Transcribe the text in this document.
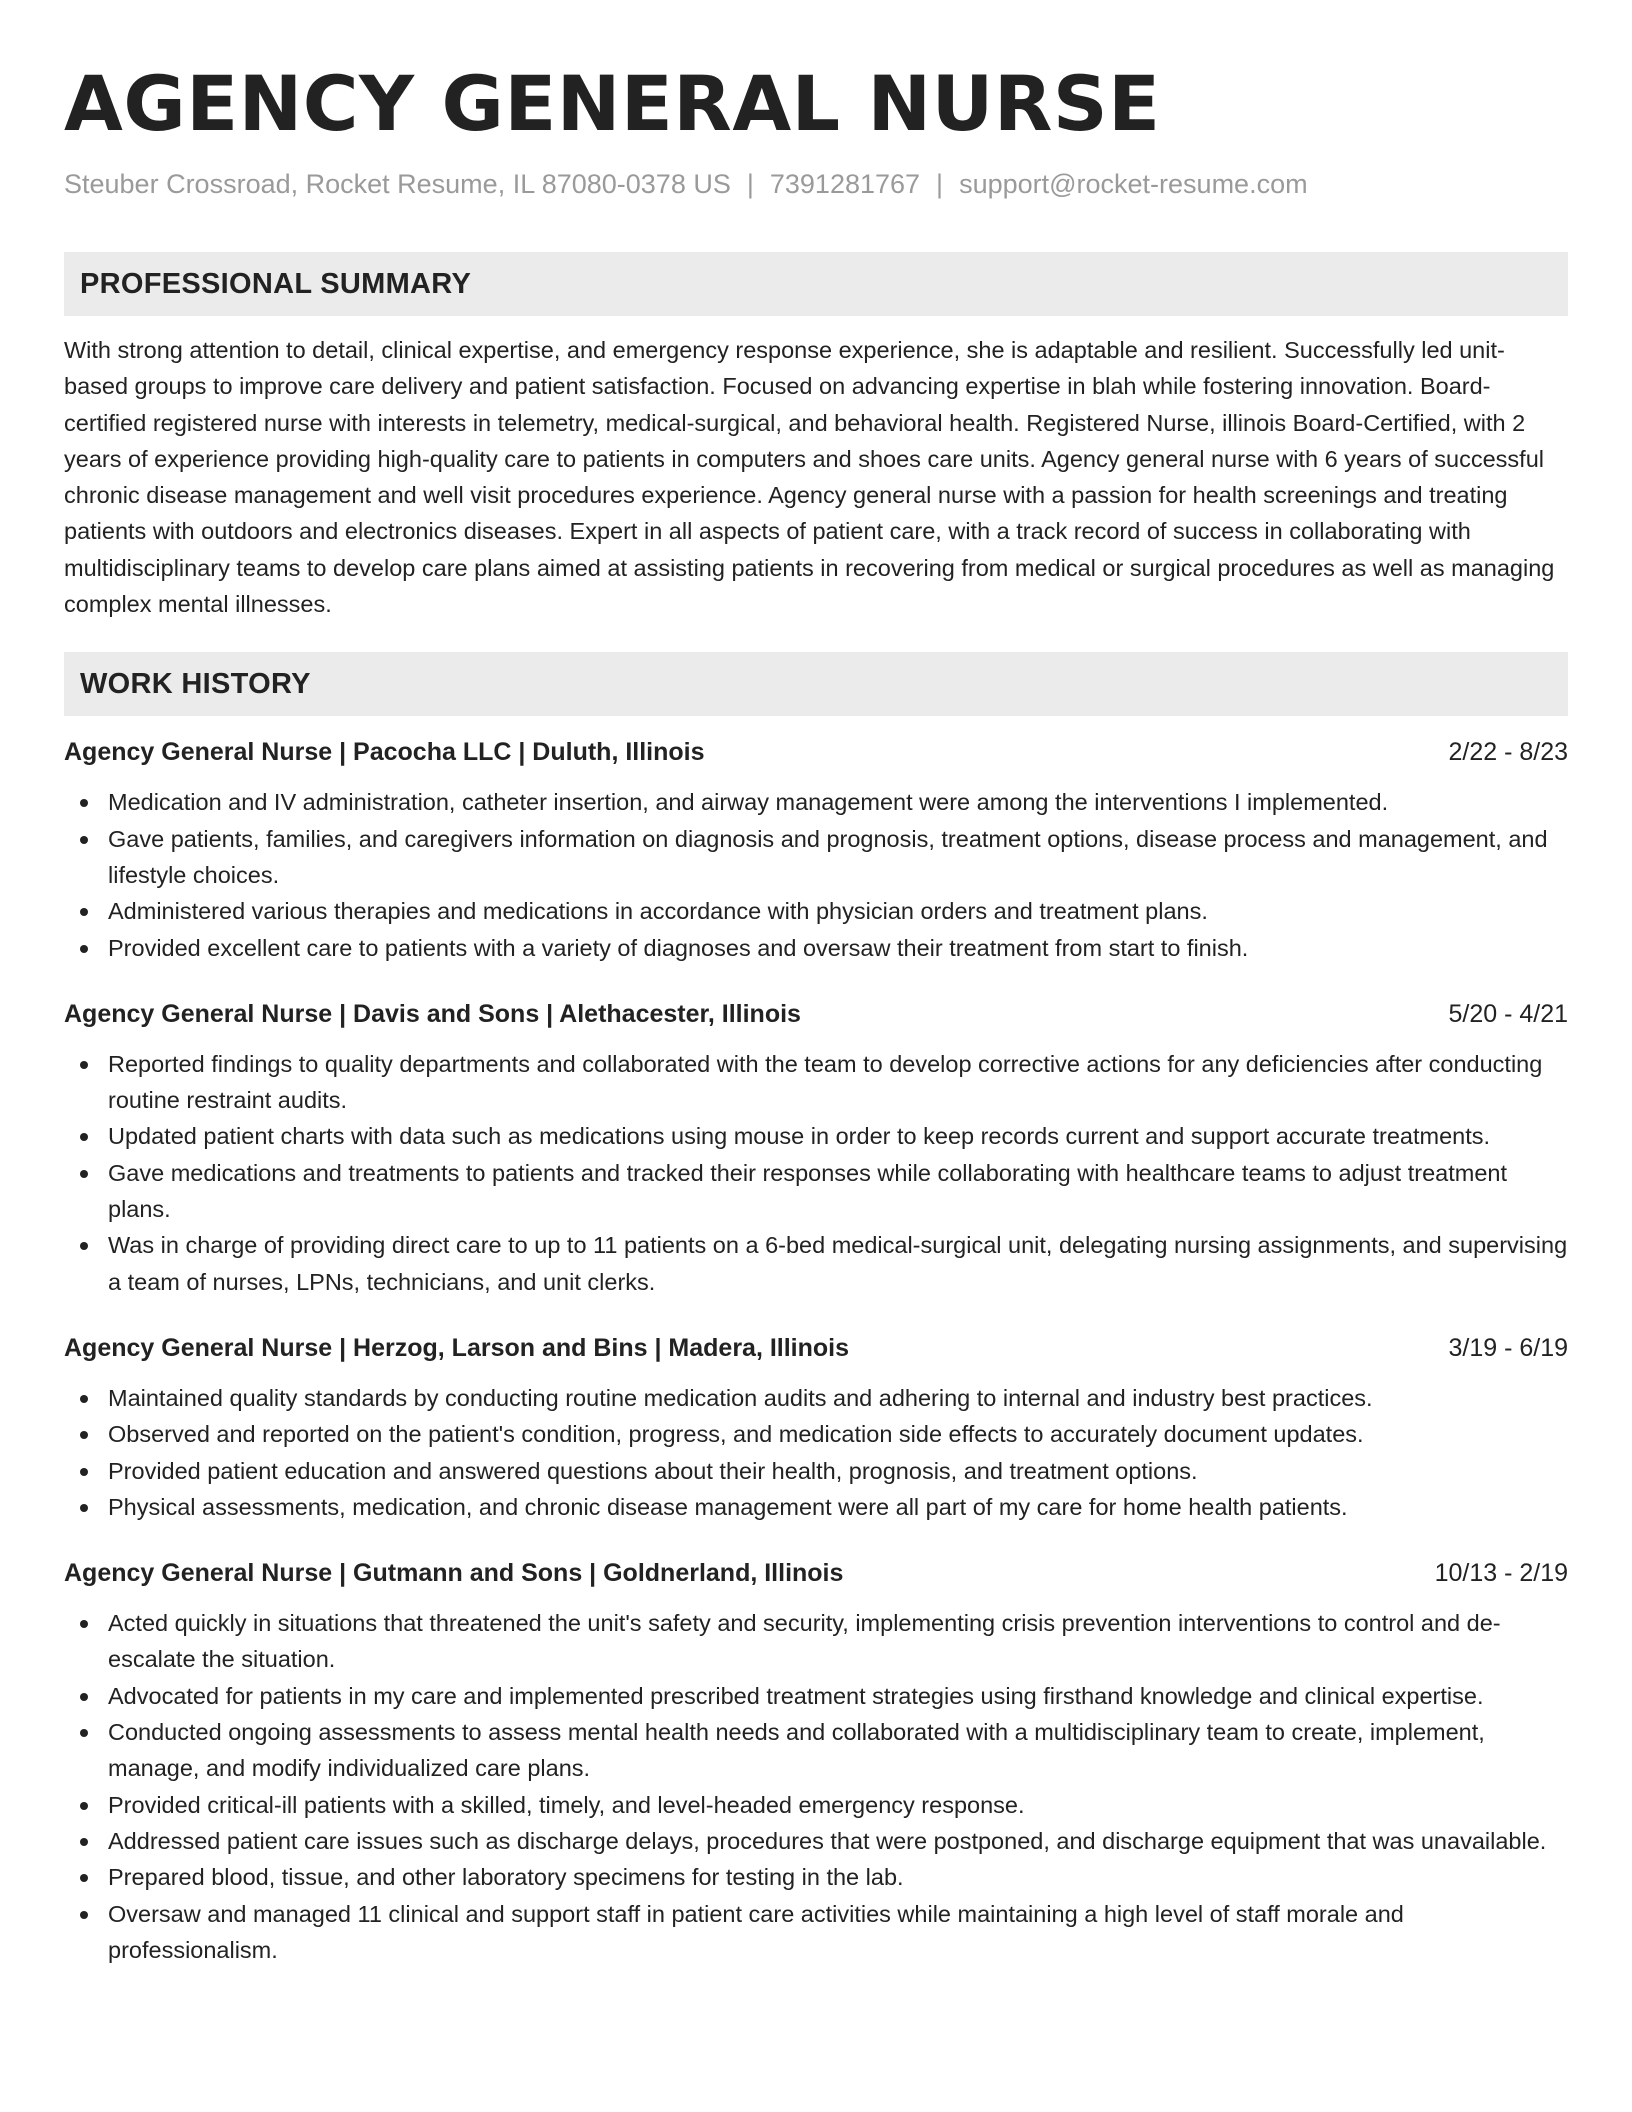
AGENCY GENERAL NURSE
Steuber Crossroad, Rocket Resume, IL 87080-0378 US | 7391281767 | support@rocket-resume.com
PROFESSIONAL SUMMARY

With strong attention to detail, clinical expertise, and emergency response experience, she is adaptable and resilient. Successfully led unit-based groups to improve care delivery and patient satisfaction. Focused on advancing expertise in blah while fostering innovation. Board-certified registered nurse with interests in telemetry, medical-surgical, and behavioral health. Registered Nurse, illinois Board-Certified, with 2 years of experience providing high-quality care to patients in computers and shoes care units. Agency general nurse with 6 years of successful chronic disease management and well visit procedures experience. Agency general nurse with a passion for health screenings and treating patients with outdoors and electronics diseases. Expert in all aspects of patient care, with a track record of success in collaborating with multidisciplinary teams to develop care plans aimed at assisting patients in recovering from medical or surgical procedures as well as managing complex mental illnesses.

WORK HISTORY
Agency General Nurse | Pacocha LLC | Duluth, Illinois	2/22 - 8/23
Medication and IV administration, catheter insertion, and airway management were among the interventions I implemented.
Gave patients, families, and caregivers information on diagnosis and prognosis, treatment options, disease process and management, and lifestyle choices.
Administered various therapies and medications in accordance with physician orders and treatment plans.
Provided excellent care to patients with a variety of diagnoses and oversaw their treatment from start to finish.
Agency General Nurse | Davis and Sons | Alethacester, Illinois	5/20 - 4/21
Reported findings to quality departments and collaborated with the team to develop corrective actions for any deficiencies after conducting routine restraint audits.
Updated patient charts with data such as medications using mouse in order to keep records current and support accurate treatments.
Gave medications and treatments to patients and tracked their responses while collaborating with healthcare teams to adjust treatment plans.
Was in charge of providing direct care to up to 11 patients on a 6-bed medical-surgical unit, delegating nursing assignments, and supervising a team of nurses, LPNs, technicians, and unit clerks.
Agency General Nurse | Herzog, Larson and Bins | Madera, Illinois	3/19 - 6/19
Maintained quality standards by conducting routine medication audits and adhering to internal and industry best practices.
Observed and reported on the patient's condition, progress, and medication side effects to accurately document updates.
Provided patient education and answered questions about their health, prognosis, and treatment options.
Physical assessments, medication, and chronic disease management were all part of my care for home health patients.
Agency General Nurse | Gutmann and Sons | Goldnerland, Illinois	10/13 - 2/19
Acted quickly in situations that threatened the unit's safety and security, implementing crisis prevention interventions to control and de-escalate the situation.
Advocated for patients in my care and implemented prescribed treatment strategies using firsthand knowledge and clinical expertise.
Conducted ongoing assessments to assess mental health needs and collaborated with a multidisciplinary team to create, implement, manage, and modify individualized care plans.
Provided critical-ill patients with a skilled, timely, and level-headed emergency response.
Addressed patient care issues such as discharge delays, procedures that were postponed, and discharge equipment that was unavailable.
Prepared blood, tissue, and other laboratory specimens for testing in the lab.
Oversaw and managed 11 clinical and support staff in patient care activities while maintaining a high level of staff morale and professionalism.
